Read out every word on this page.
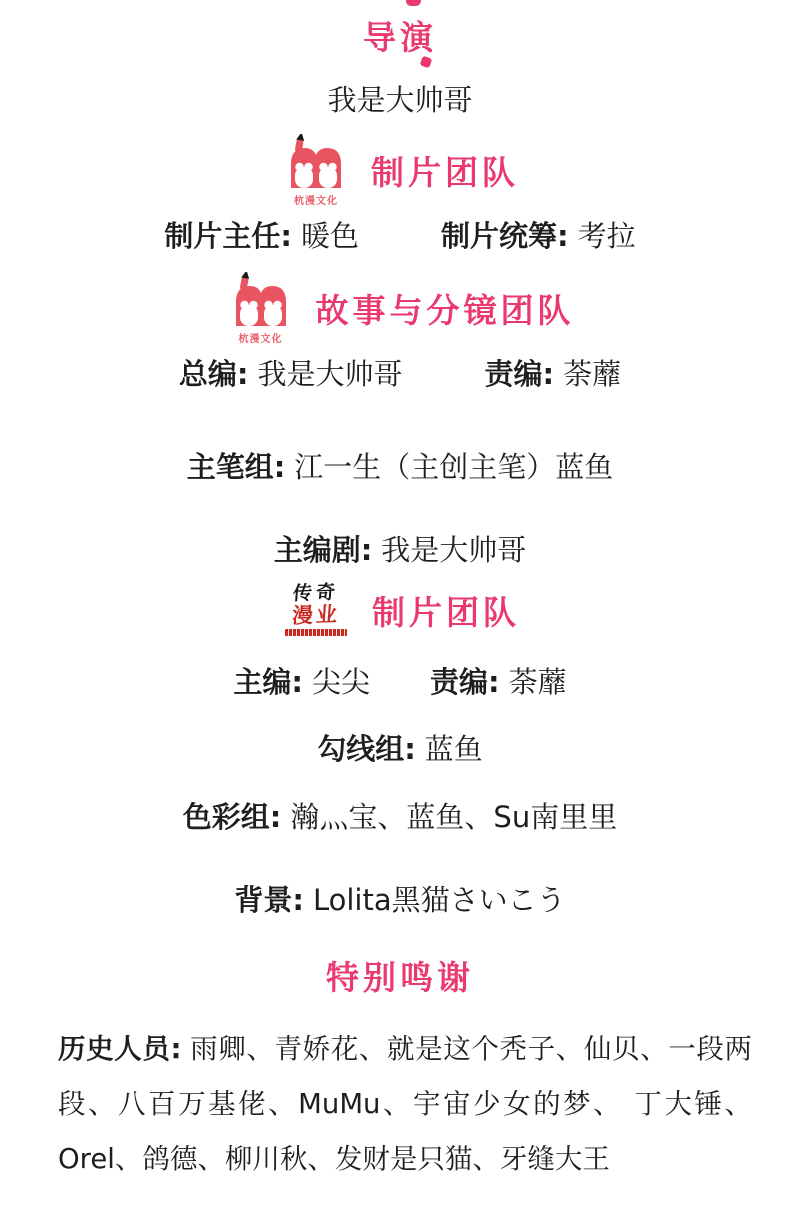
导演
我是大帅哥
杭漫文化
制片团队
制片主任: 暖色	制片统筹: 考拉
杭漫文化
故事与分镜团队
总编: 我是大帅哥	责编: 荼蘼
主笔组: 江一生（主创主笔）蓝鱼
主编剧: 我是大帅哥
传奇
漫业 制片团队
主编: 尖尖 责编: 荼蘼
勾线组: 蓝鱼
色彩组: 瀚灬宝、蓝鱼、Su南里里
背景: Lolita黑猫さいこう
特别鸣谢
历史人员: 雨卿、青娇花、就是这个秃子、仙贝、一段两段、八百万基佬、MuMu、宇宙少女的梦、 丁大锤、Orel、鸽德、柳川秋、发财是只猫、牙缝大王
